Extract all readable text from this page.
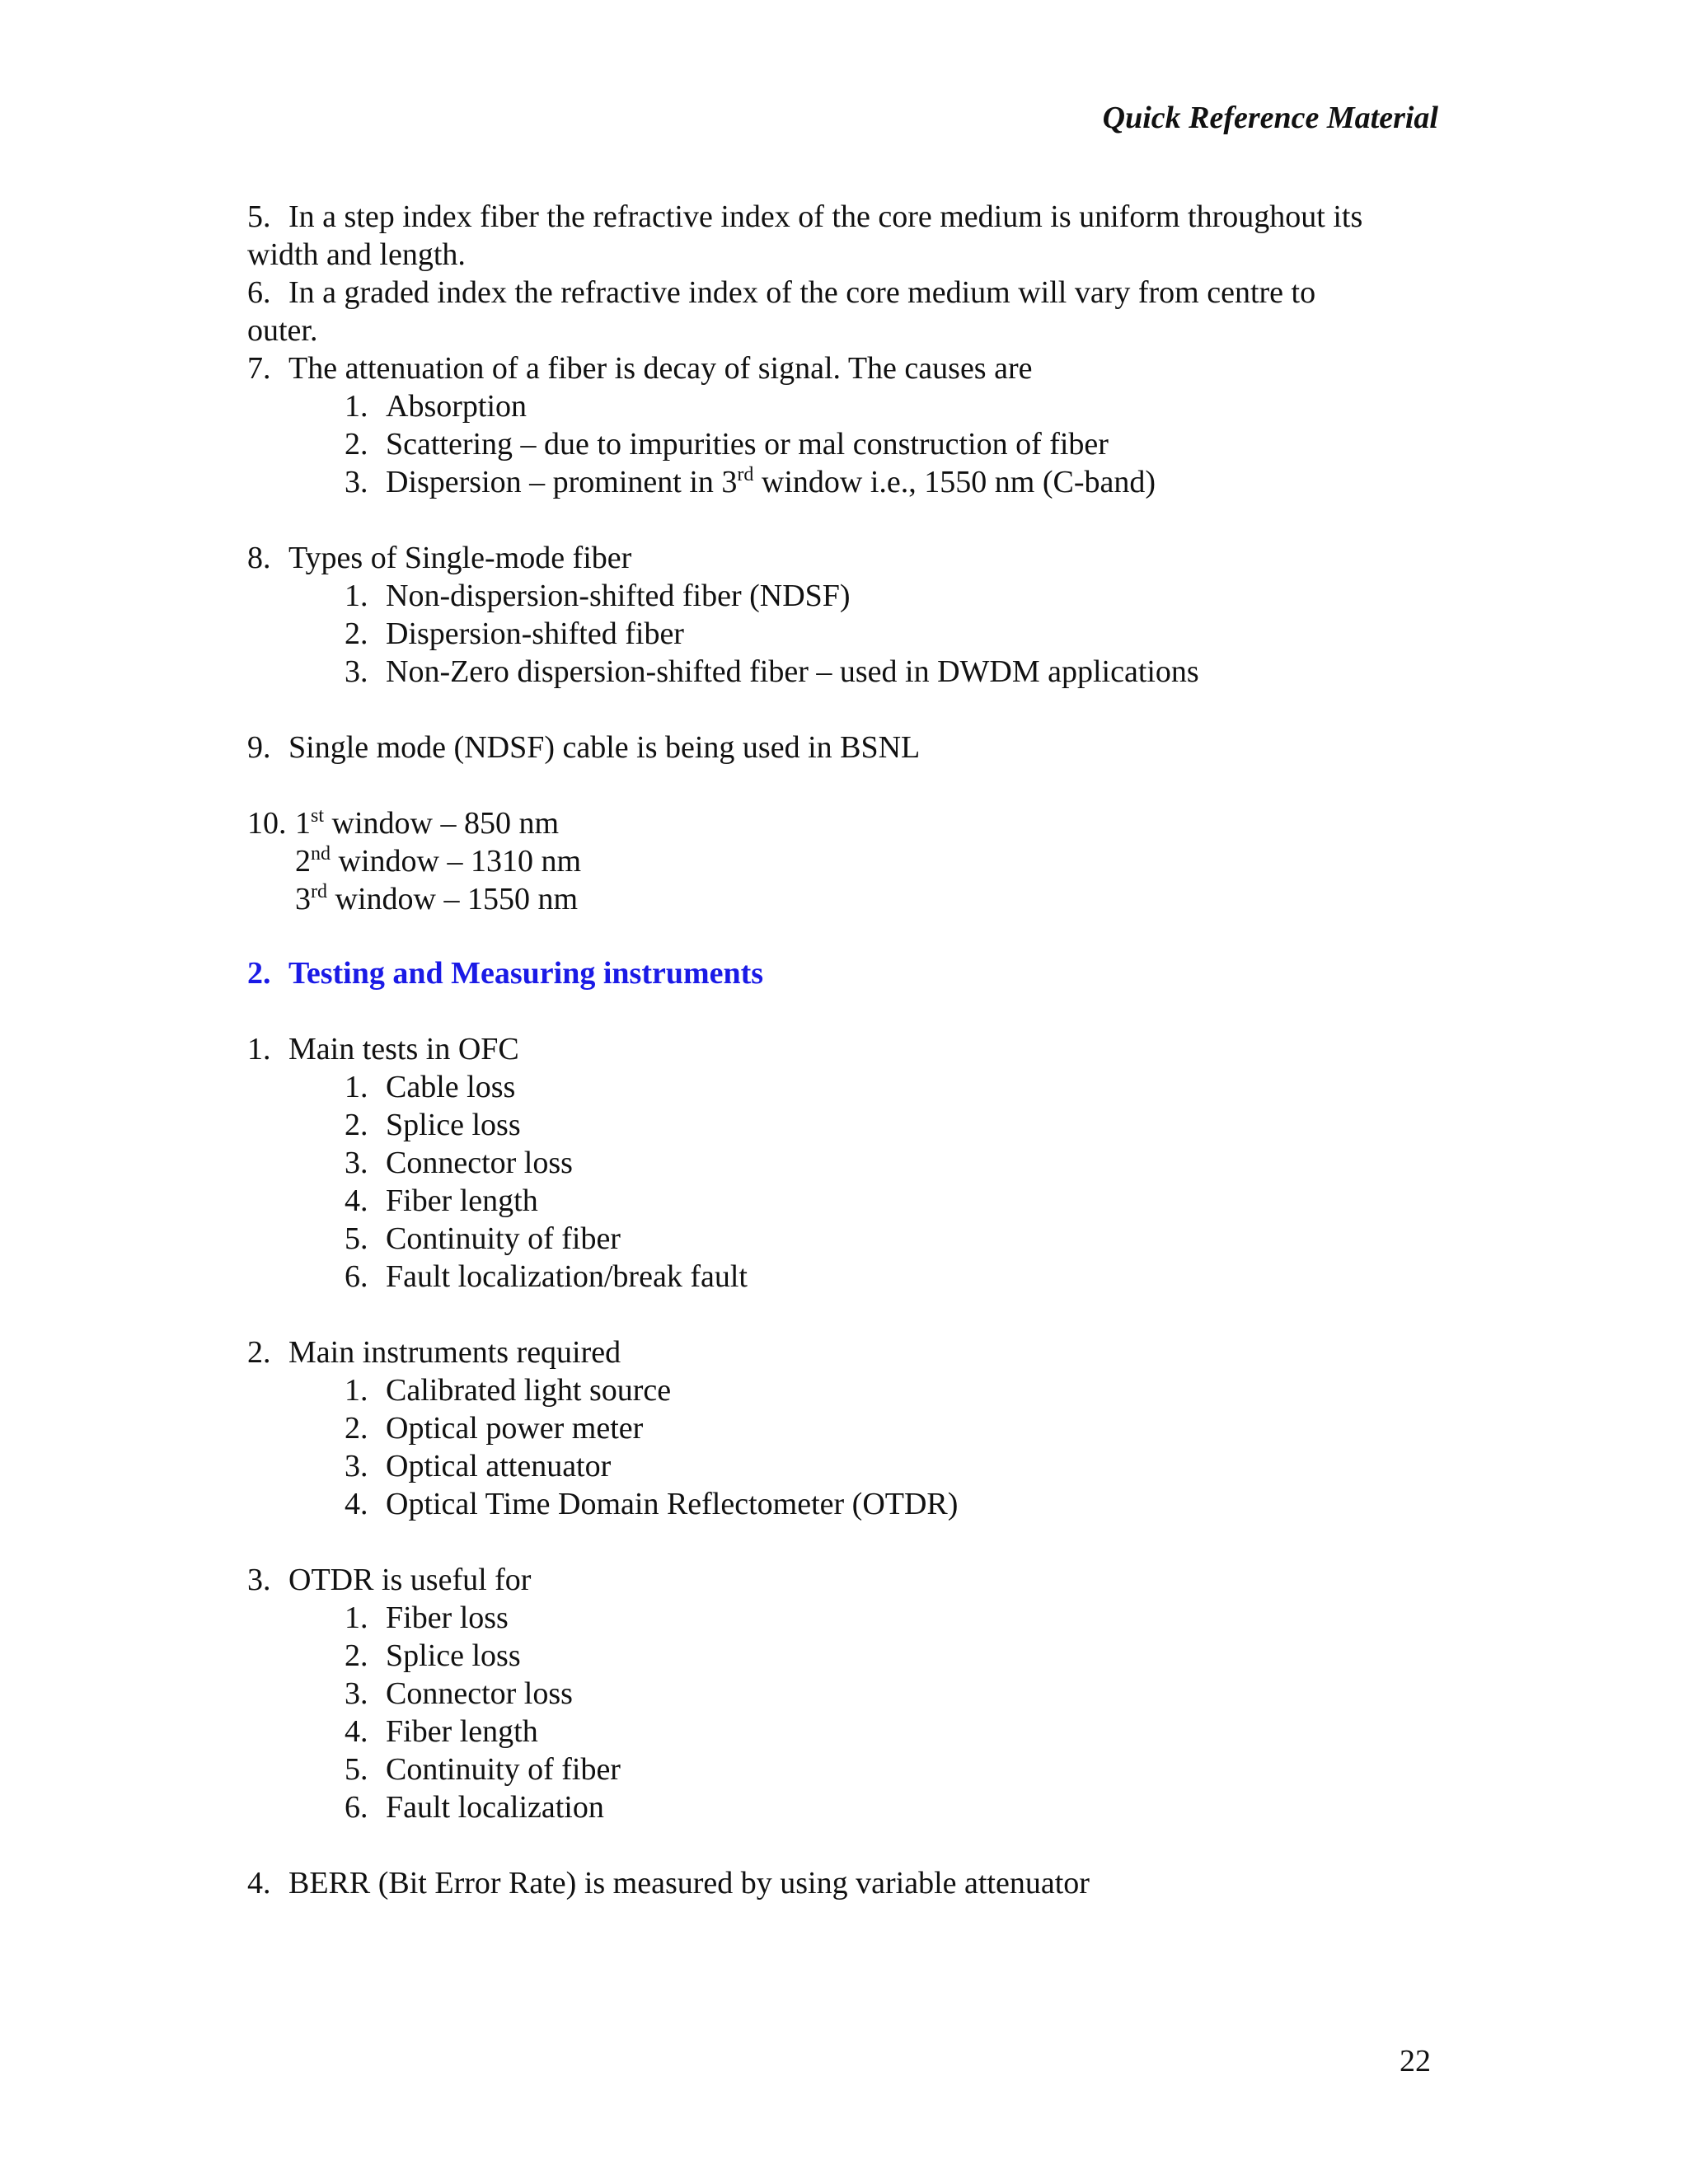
Quick Reference Material
5. In a step index fiber the refractive index of the core medium is uniform throughout its
width and length.
6. In a graded index the refractive index of the core medium will vary from centre to
outer.
7. The attenuation of a fiber is decay of signal. The causes are
1. Absorption
2. Scattering – due to impurities or mal construction of fiber
3. Dispersion – prominent in 3rd window i.e., 1550 nm (C-band)
8. Types of Single-mode fiber
1. Non-dispersion-shifted fiber (NDSF)
2. Dispersion-shifted fiber
3. Non-Zero dispersion-shifted fiber – used in DWDM applications
9. Single mode (NDSF) cable is being used in BSNL
10. 1st window – 850 nm
2nd window – 1310 nm
3rd window – 1550 nm
2. Testing and Measuring instruments
1. Main tests in OFC
1. Cable loss
2. Splice loss
3. Connector loss
4. Fiber length
5. Continuity of fiber
6. Fault localization/break fault
2. Main instruments required
1. Calibrated light source
2. Optical power meter
3. Optical attenuator
4. Optical Time Domain Reflectometer (OTDR)
3. OTDR is useful for
1. Fiber loss
2. Splice loss
3. Connector loss
4. Fiber length
5. Continuity of fiber
6. Fault localization
4. BERR (Bit Error Rate) is measured by using variable attenuator
22
